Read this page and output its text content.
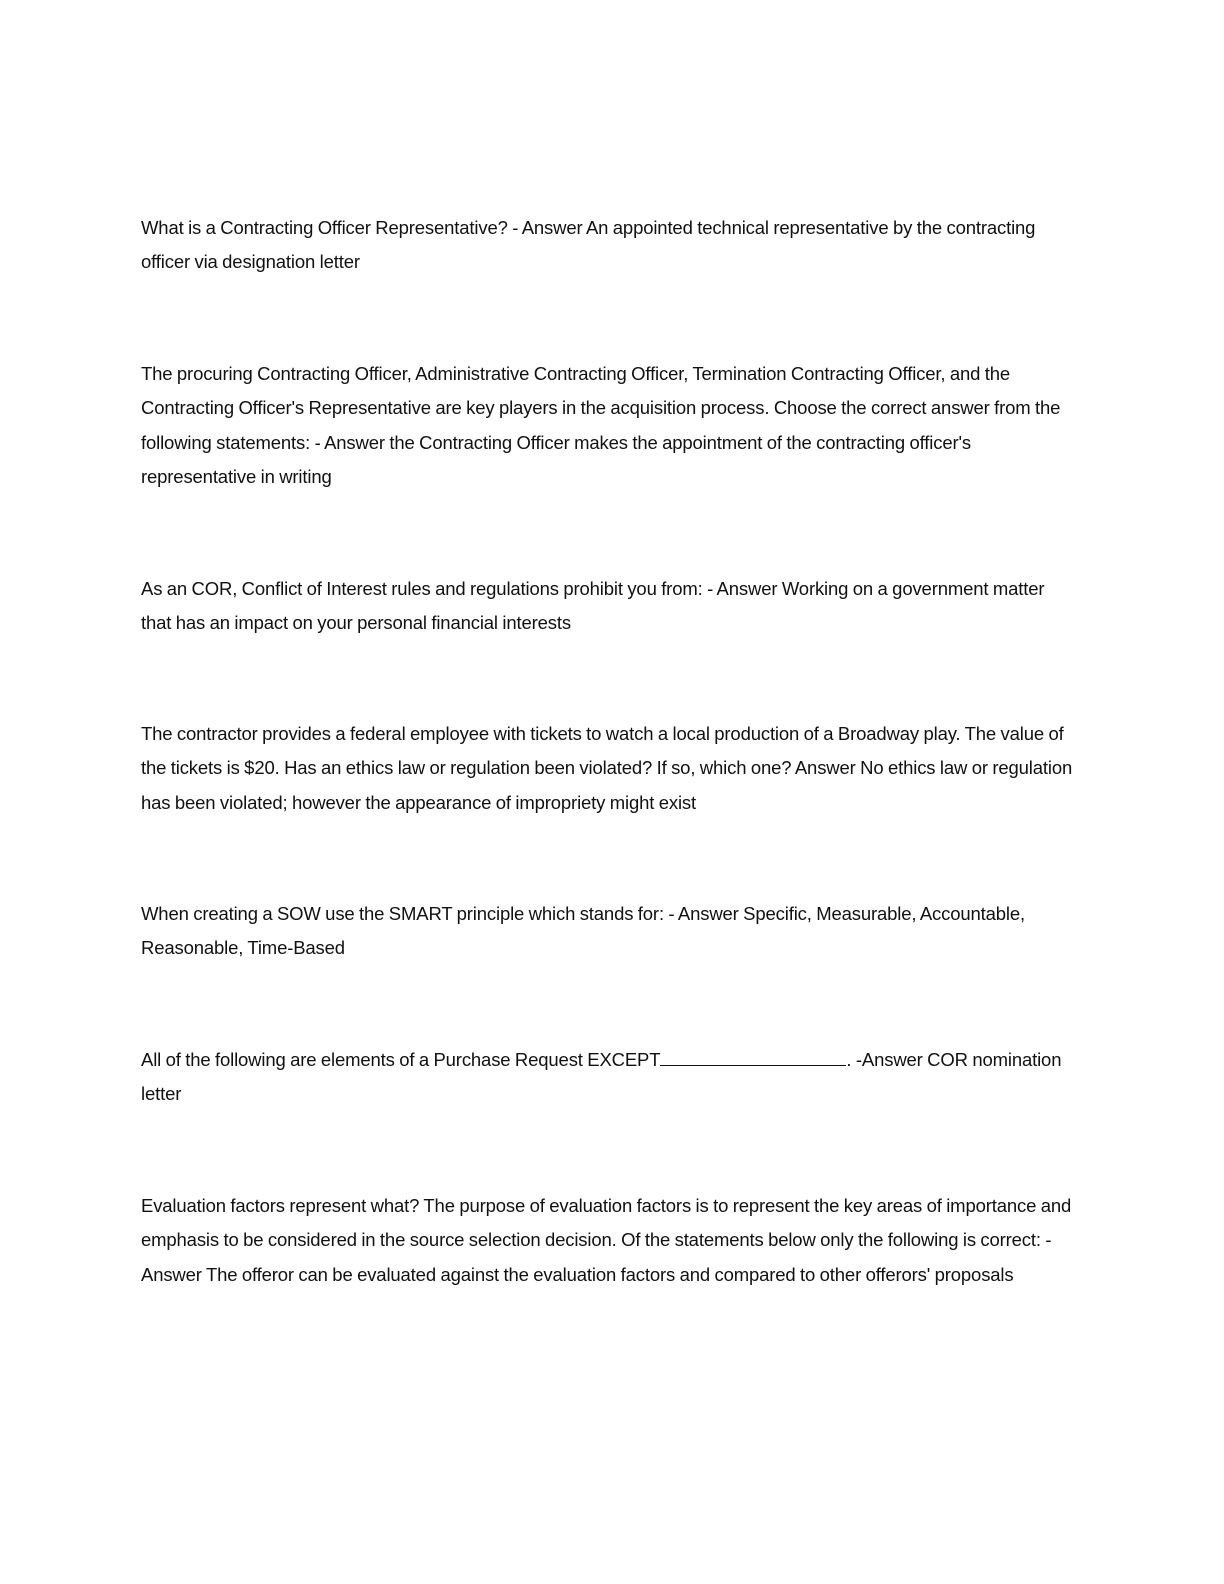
What is a Contracting Officer Representative? - Answer An appointed technical representative by the contracting officer via designation letter

The procuring Contracting Officer, Administrative Contracting Officer, Termination Contracting Officer, and the Contracting Officer's Representative are key players in the acquisition process. Choose the correct answer from the following statements: - Answer the Contracting Officer makes the appointment of the contracting officer's representative in writing

As an COR, Conflict of Interest rules and regulations prohibit you from: - Answer Working on a government matter that has an impact on your personal financial interests

The contractor provides a federal employee with tickets to watch a local production of a Broadway play. The value of the tickets is $20. Has an ethics law or regulation been violated? If so, which one? Answer No ethics law or regulation has been violated; however the appearance of impropriety might exist

When creating a SOW use the SMART principle which stands for: - Answer Specific, Measurable, Accountable, Reasonable, Time-Based

All of the following are elements of a Purchase Request EXCEPT	. -Answer COR nomination letter

Evaluation factors represent what? The purpose of evaluation factors is to represent the key areas of importance and emphasis to be considered in the source selection decision. Of the statements below only the following is correct: -Answer The offeror can be evaluated against the evaluation factors and compared to other offerors' proposals
